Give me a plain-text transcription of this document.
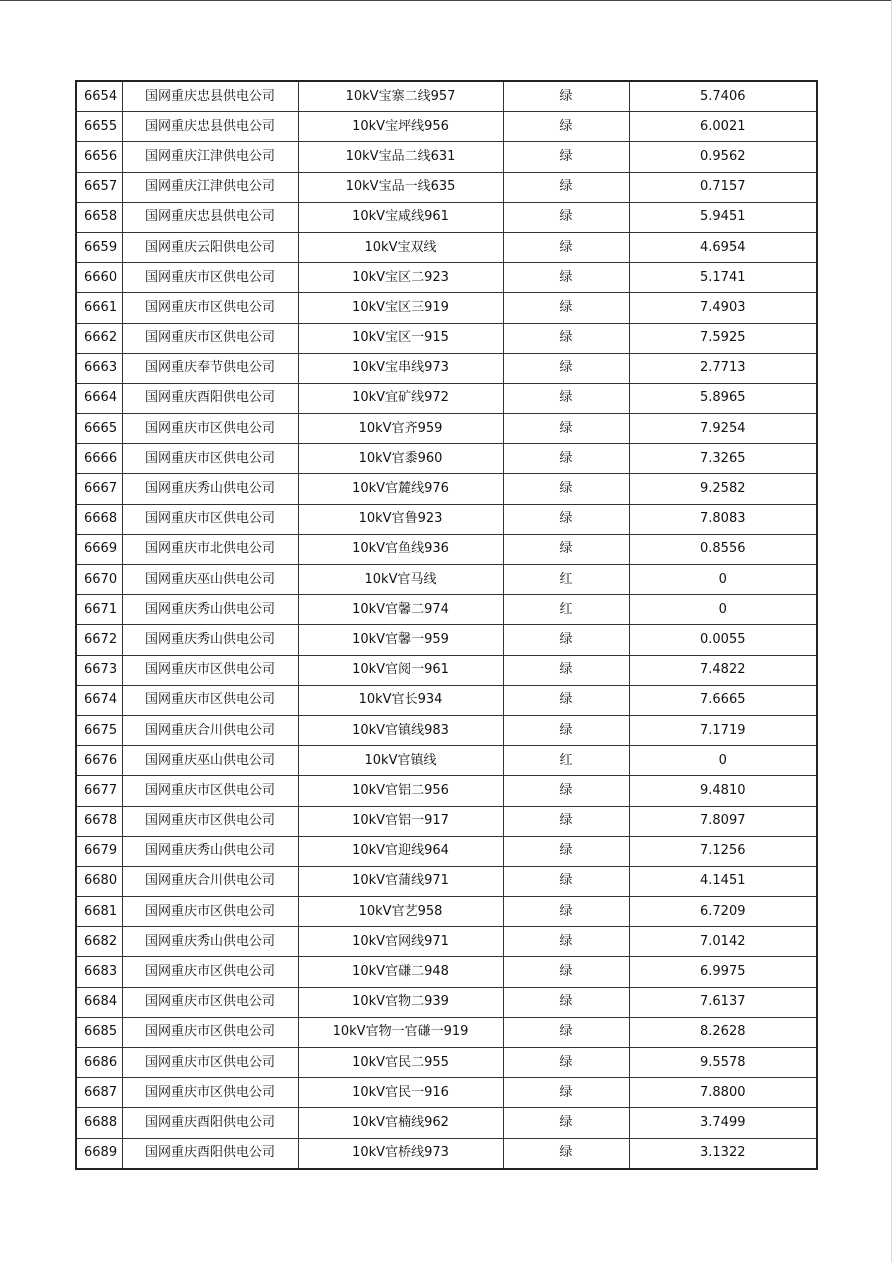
6654	国网重庆忠县供电公司	10kV宝寨二线957	绿	5.7406
6655	国网重庆忠县供电公司	10kV宝坪线956	绿	6.0021
6656	国网重庆江津供电公司	10kV宝品二线631	绿	0.9562
6657	国网重庆江津供电公司	10kV宝品一线635	绿	0.7157
6658	国网重庆忠县供电公司	10kV宝咸线961	绿	5.9451
6659	国网重庆云阳供电公司	10kV宝双线	绿	4.6954
6660	国网重庆市区供电公司	10kV宝区二923	绿	5.1741
6661	国网重庆市区供电公司	10kV宝区三919	绿	7.4903
6662	国网重庆市区供电公司	10kV宝区一915	绿	7.5925
6663	国网重庆奉节供电公司	10kV宝串线973	绿	2.7713
6664	国网重庆酉阳供电公司	10kV宜矿线972	绿	5.8965
6665	国网重庆市区供电公司	10kV官齐959	绿	7.9254
6666	国网重庆市区供电公司	10kV官黍960	绿	7.3265
6667	国网重庆秀山供电公司	10kV官麓线976	绿	9.2582
6668	国网重庆市区供电公司	10kV官鲁923	绿	7.8083
6669	国网重庆市北供电公司	10kV官鱼线936	绿	0.8556
6670	国网重庆巫山供电公司	10kV官马线	红	0
6671	国网重庆秀山供电公司	10kV官馨二974	红	0
6672	国网重庆秀山供电公司	10kV官馨一959	绿	0.0055
6673	国网重庆市区供电公司	10kV官阅一961	绿	7.4822
6674	国网重庆市区供电公司	10kV官长934	绿	7.6665
6675	国网重庆合川供电公司	10kV官镇线983	绿	7.1719
6676	国网重庆巫山供电公司	10kV官镇线	红	0
6677	国网重庆市区供电公司	10kV官铝二956	绿	9.4810
6678	国网重庆市区供电公司	10kV官铝一917	绿	7.8097
6679	国网重庆秀山供电公司	10kV官迎线964	绿	7.1256
6680	国网重庆合川供电公司	10kV官蒲线971	绿	4.1451
6681	国网重庆市区供电公司	10kV官艺958	绿	6.7209
6682	国网重庆秀山供电公司	10kV官网线971	绿	7.0142
6683	国网重庆市区供电公司	10kV官磏二948	绿	6.9975
6684	国网重庆市区供电公司	10kV官物二939	绿	7.6137
6685	国网重庆市区供电公司	10kV官物一官磏一919	绿	8.2628
6686	国网重庆市区供电公司	10kV官民二955	绿	9.5578
6687	国网重庆市区供电公司	10kV官民一916	绿	7.8800
6688	国网重庆酉阳供电公司	10kV官楠线962	绿	3.7499
6689	国网重庆酉阳供电公司	10kV官桥线973	绿	3.1322
